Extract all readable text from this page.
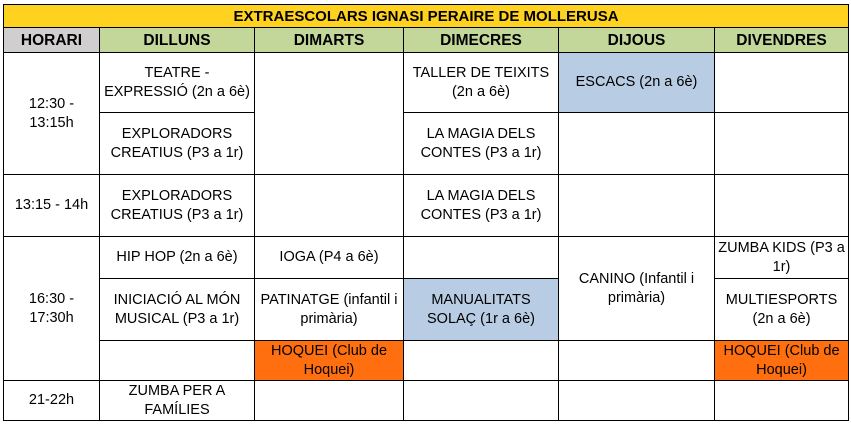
EXTRAESCOLARS IGNASI PERAIRE DE MOLLERUSA					
HORARI	DILLUNS	DIMARTS	DIMECRES	DIJOUS	DIVENDRES
12:30 - 13:15h	TEATRE - EXPRESSIÓ (2n a 6è)		TALLER DE TEIXITS (2n a 6è)	ESCACS (2n a 6è)	
	EXPLORADORS CREATIUS (P3 a 1r)		LA MAGIA DELS CONTES (P3 a 1r)		
13:15 - 14h	EXPLORADORS CREATIUS (P3 a 1r)		LA MAGIA DELS CONTES (P3 a 1r)		
16:30 - 17:30h	HIP HOP (2n a 6è)	IOGA (P4 a 6è)		CANINO (Infantil i primària)	ZUMBA KIDS (P3 a 1r)
	INICIACIÓ AL MÓN MUSICAL (P3 a 1r)	PATINATGE (infantil i primària)	MANUALITATS SOLAÇ (1r a 6è)		MULTIESPORTS (2n a 6è)
		HOQUEI (Club de Hoquei)			HOQUEI (Club de Hoquei)
21-22h	ZUMBA PER A FAMÍLIES				
